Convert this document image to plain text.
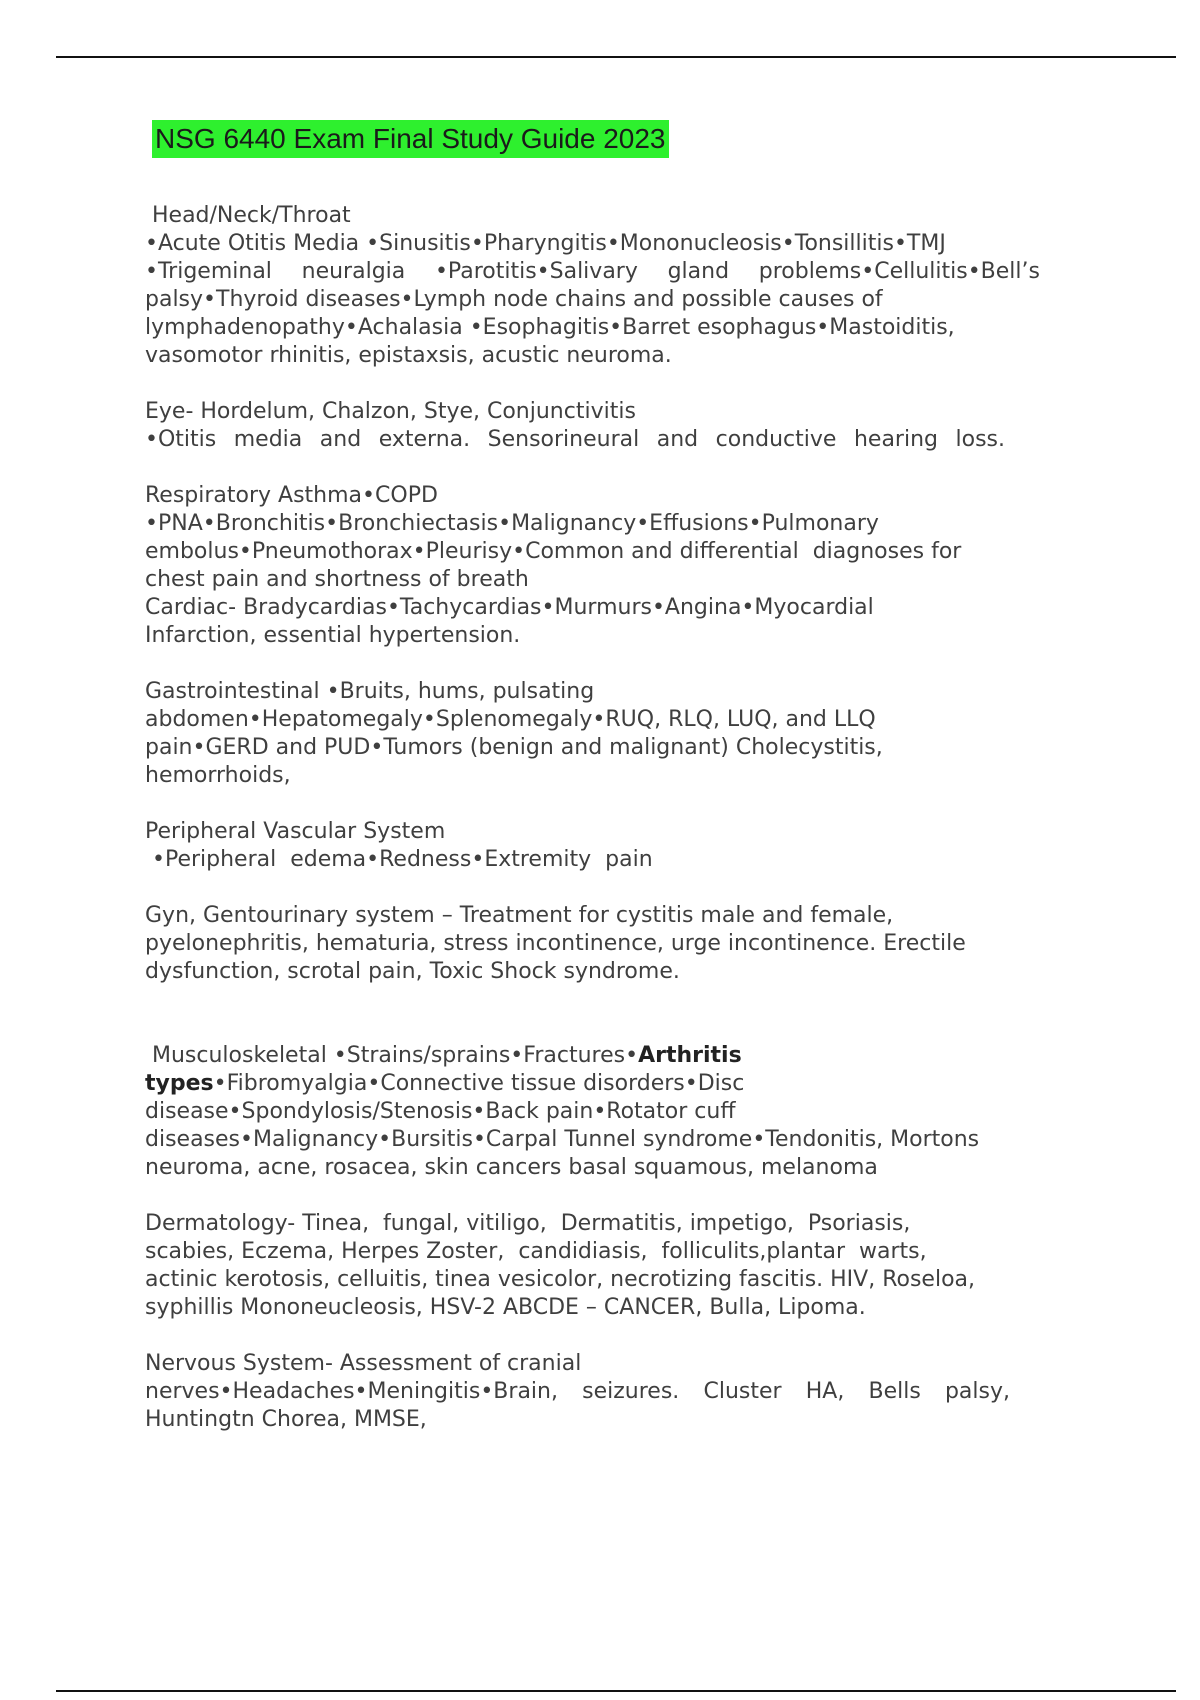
NSG 6440 Exam Final Study Guide 2023
Head/Neck/Throat
•Acute Otitis Media •Sinusitis•Pharyngitis•Mononucleosis•Tonsillitis•TMJ
•Trigeminal neuralgia •Parotitis•Salivary gland problems•Cellulitis•Bell’s
palsy•Thyroid diseases•Lymph node chains and possible causes of
lymphadenopathy•Achalasia •Esophagitis•Barret esophagus•Mastoiditis,
vasomotor rhinitis, epistaxsis, acustic neuroma.
Eye- Hordelum, Chalzon, Stye, Conjunctivitis
•Otitis media and externa. Sensorineural and conductive hearing loss.
Respiratory Asthma•COPD
•PNA•Bronchitis•Bronchiectasis•Malignancy•Effusions•Pulmonary
embolus•Pneumothorax•Pleurisy•Common and differential  diagnoses for
chest pain and shortness of breath
Cardiac- Bradycardias•Tachycardias•Murmurs•Angina•Myocardial
Infarction, essential hypertension.
Gastrointestinal •Bruits, hums, pulsating
abdomen•Hepatomegaly•Splenomegaly•RUQ, RLQ, LUQ, and LLQ
pain•GERD and PUD•Tumors (benign and malignant) Cholecystitis,
hemorrhoids,
Peripheral Vascular System
•Peripheral  edema•Redness•Extremity  pain
Gyn, Gentourinary system – Treatment for cystitis male and female,
pyelonephritis, hematuria, stress incontinence, urge incontinence. Erectile
dysfunction, scrotal pain, Toxic Shock syndrome.
Musculoskeletal •Strains/sprains•Fractures•Arthritis
types•Fibromyalgia•Connective tissue disorders•Disc
disease•Spondylosis/Stenosis•Back pain•Rotator cuff
diseases•Malignancy•Bursitis•Carpal Tunnel syndrome•Tendonitis, Mortons
neuroma, acne, rosacea, skin cancers basal squamous, melanoma
Dermatology- Tinea,  fungal, vitiligo,  Dermatitis, impetigo,  Psoriasis,
scabies, Eczema, Herpes Zoster,  candidiasis,  folliculits,plantar  warts,
actinic kerotosis, celluitis, tinea vesicolor, necrotizing fascitis. HIV, Roseloa,
syphillis Mononeucleosis, HSV-2 ABCDE – CANCER, Bulla, Lipoma.
Nervous System- Assessment of cranial
nerves•Headaches•Meningitis•Brain, seizures. Cluster HA, Bells palsy,
Huntingtn Chorea, MMSE,
